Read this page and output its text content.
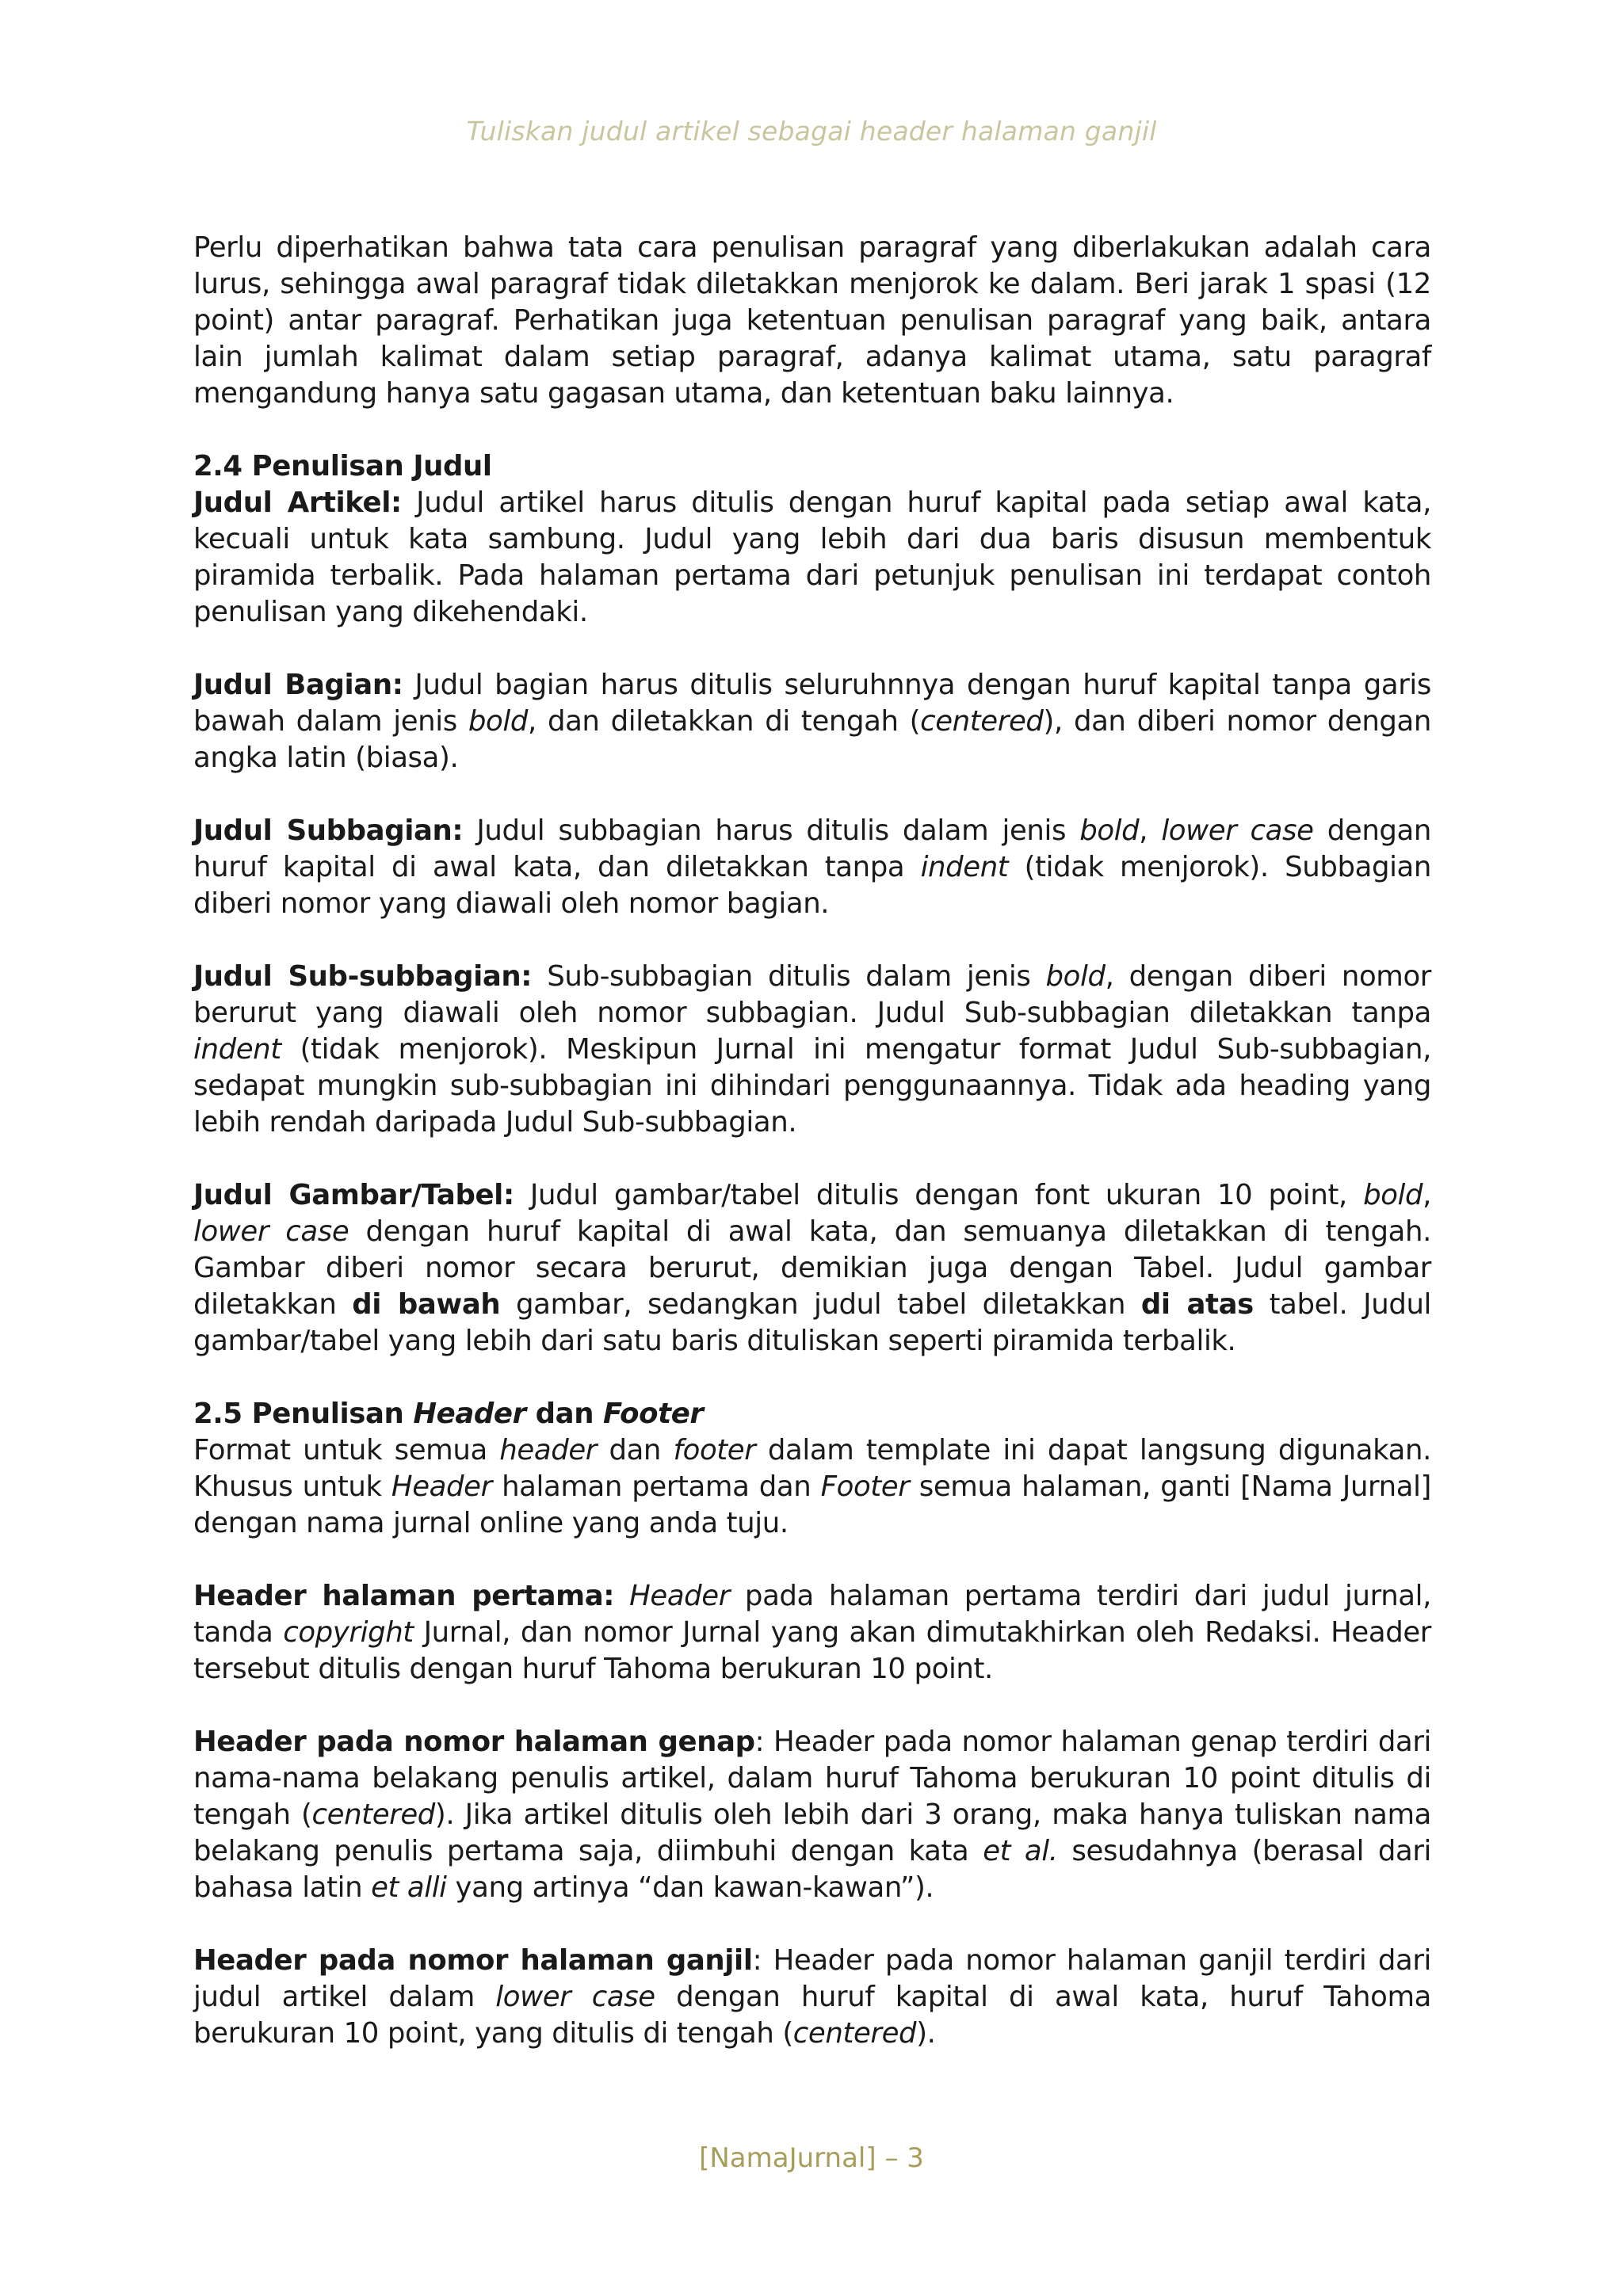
Tuliskan judul artikel sebagai header halaman ganjil

Perlu diperhatikan bahwa tata cara penulisan paragraf yang diberlakukan adalah cara lurus, sehingga awal paragraf tidak diletakkan menjorok ke dalam. Beri jarak 1 spasi (12 point) antar paragraf. Perhatikan juga ketentuan penulisan paragraf yang baik, antara lain jumlah kalimat dalam setiap paragraf, adanya kalimat utama, satu paragraf mengandung hanya satu gagasan utama, dan ketentuan baku lainnya.

2.4 Penulisan Judul

Judul Artikel: Judul artikel harus ditulis dengan huruf kapital pada setiap awal kata, kecuali untuk kata sambung. Judul yang lebih dari dua baris disusun membentuk piramida terbalik. Pada halaman pertama dari petunjuk penulisan ini terdapat contoh penulisan yang dikehendaki.

Judul Bagian: Judul bagian harus ditulis seluruhnnya dengan huruf kapital tanpa garis bawah dalam jenis bold, dan diletakkan di tengah (centered), dan diberi nomor dengan angka latin (biasa).

Judul Subbagian: Judul subbagian harus ditulis dalam jenis bold, lower case dengan huruf kapital di awal kata, dan diletakkan tanpa indent (tidak menjorok). Subbagian diberi nomor yang diawali oleh nomor bagian.

Judul Sub-subbagian: Sub-subbagian ditulis dalam jenis bold, dengan diberi nomor berurut yang diawali oleh nomor subbagian. Judul Sub-subbagian diletakkan tanpa indent (tidak menjorok). Meskipun Jurnal ini mengatur format Judul Sub-subbagian, sedapat mungkin sub-subbagian ini dihindari penggunaannya. Tidak ada heading yang lebih rendah daripada Judul Sub-subbagian.

Judul Gambar/Tabel: Judul gambar/tabel ditulis dengan font ukuran 10 point, bold, lower case dengan huruf kapital di awal kata, dan semuanya diletakkan di tengah. Gambar diberi nomor secara berurut, demikian juga dengan Tabel. Judul gambar diletakkan di bawah gambar, sedangkan judul tabel diletakkan di atas tabel. Judul gambar/tabel yang lebih dari satu baris dituliskan seperti piramida terbalik.

2.5 Penulisan Header dan Footer

Format untuk semua header dan footer dalam template ini dapat langsung digunakan. Khusus untuk Header halaman pertama dan Footer semua halaman, ganti [Nama Jurnal] dengan nama jurnal online yang anda tuju.

Header halaman pertama: Header pada halaman pertama terdiri dari judul jurnal, tanda copyright Jurnal, dan nomor Jurnal yang akan dimutakhirkan oleh Redaksi. Header tersebut ditulis dengan huruf Tahoma berukuran 10 point.

Header pada nomor halaman genap: Header pada nomor halaman genap terdiri dari nama-nama belakang penulis artikel, dalam huruf Tahoma berukuran 10 point ditulis di tengah (centered). Jika artikel ditulis oleh lebih dari 3 orang, maka hanya tuliskan nama belakang penulis pertama saja, diimbuhi dengan kata et al. sesudahnya (berasal dari bahasa latin et alli yang artinya “dan kawan-kawan”).

Header pada nomor halaman ganjil: Header pada nomor halaman ganjil terdiri dari judul artikel dalam lower case dengan huruf kapital di awal kata, huruf Tahoma berukuran 10 point, yang ditulis di tengah (centered).

[NamaJurnal] – 3
